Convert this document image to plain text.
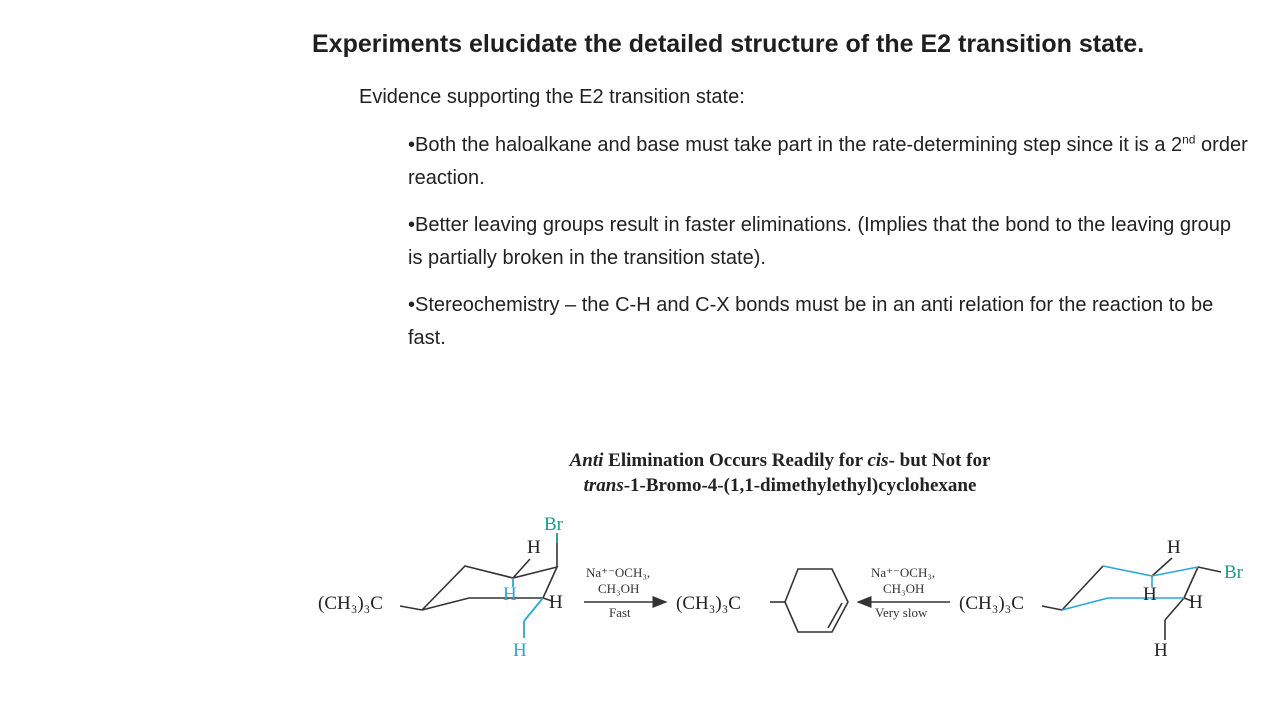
Experiments elucidate the detailed structure of the E2 transition state.
Evidence supporting the E2 transition state:
•Both the haloalkane and base must take part in the rate-determining step since it is a 2nd order reaction.
•Better leaving groups result in faster eliminations. (Implies that the bond to the leaving group is partially broken in the transition state).
•Stereochemistry – the C-H and C-X bonds must be in an anti relation for the reaction to be fast.
Anti Elimination Occurs Readily for cis- but Not for
trans-1-Bromo-4-(1,1-dimethylethyl)cyclohexane
(CH₃)₃C
Br
H
H H
H
Na⁺⁻OCH₃,
CH₃OH
Fast (CH₃)₃C
Na⁺⁻OCH₃,
CH₃OH
Very slow (CH₃)₃C
H
Br
H H
H
